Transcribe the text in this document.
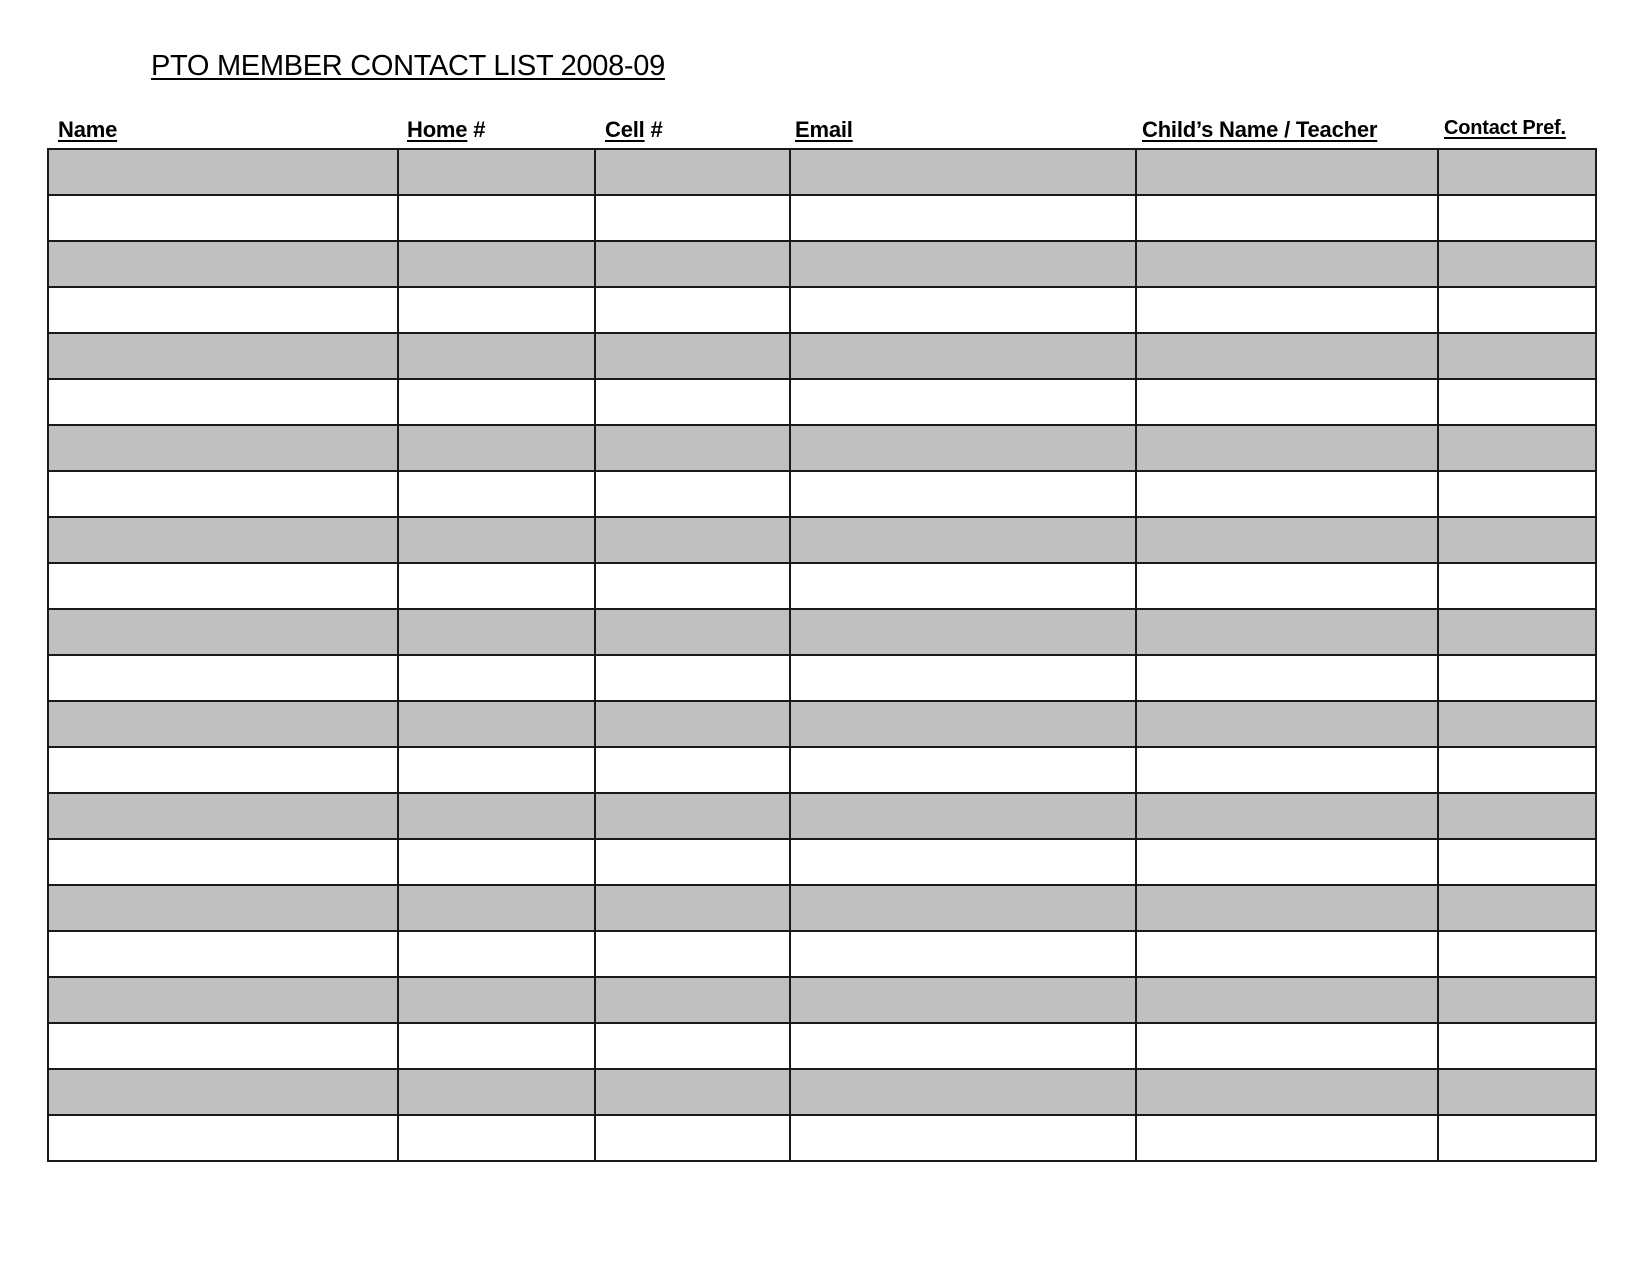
PTO MEMBER CONTACT LIST 2008-09
Name	Home #	Cell #	Email	Child’s Name / Teacher	Contact Pref.
